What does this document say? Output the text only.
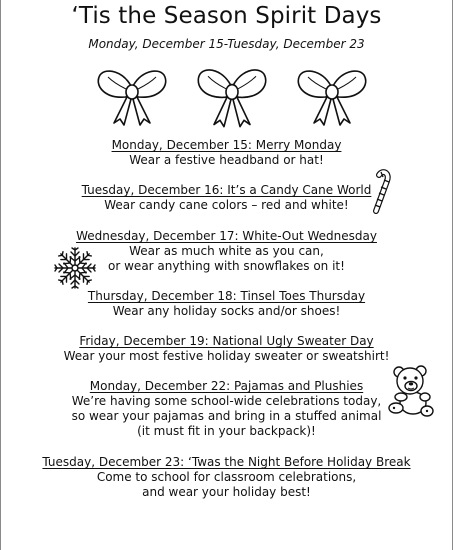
‘Tis the Season Spirit Days
Monday, December 15-Tuesday, December 23
Monday, December 15: Merry Monday
Wear a festive headband or hat!
Tuesday, December 16: It’s a Candy Cane World
Wear candy cane colors – red and white!
Wednesday, December 17: White-Out Wednesday
Wear as much white as you can,
or wear anything with snowflakes on it!
Thursday, December 18: Tinsel Toes Thursday
Wear any holiday socks and/or shoes!
Friday, December 19: National Ugly Sweater Day
Wear your most festive holiday sweater or sweatshirt!
Monday, December 22: Pajamas and Plushies
We’re having some school-wide celebrations today,
so wear your pajamas and bring in a stuffed animal
(it must fit in your backpack)!
Tuesday, December 23: ‘Twas the Night Before Holiday Break
Come to school for classroom celebrations,
and wear your holiday best!
